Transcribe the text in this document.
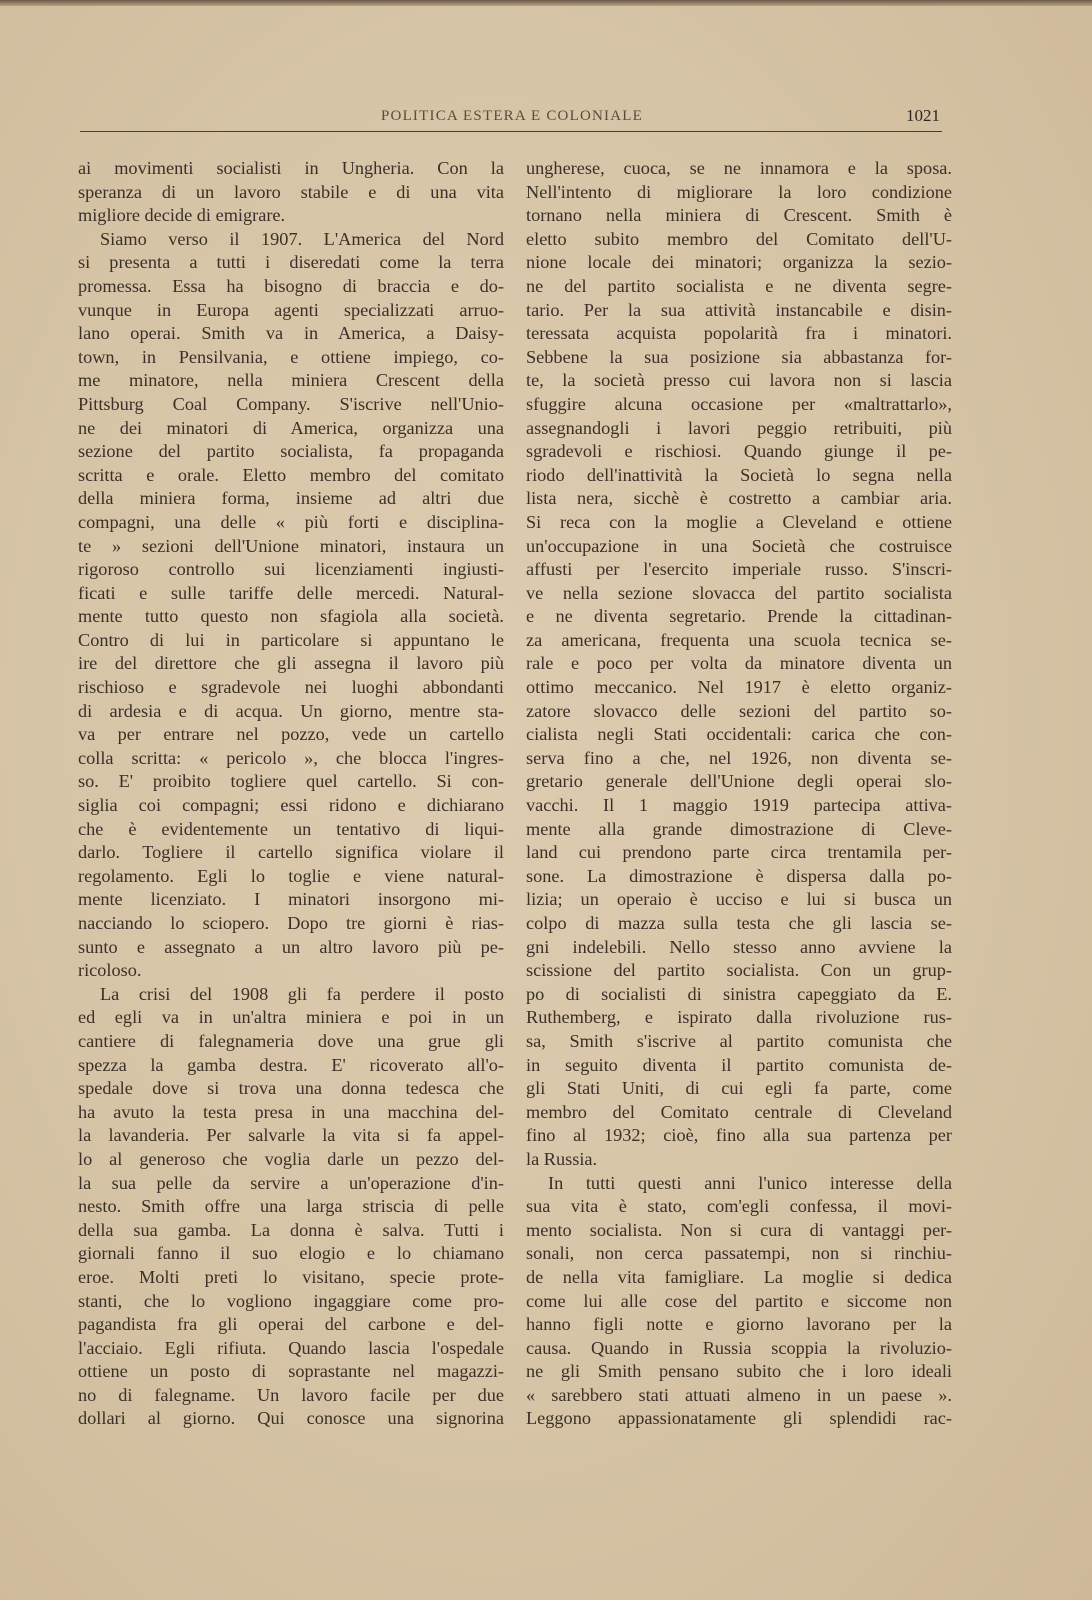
POLITICA ESTERA E COLONIALE	1021
ai movimenti socialisti in Ungheria. Con la
speranza di un lavoro stabile e di una vita
migliore decide di emigrare.
Siamo verso il 1907. L'America del Nord
si presenta a tutti i diseredati come la terra
promessa. Essa ha bisogno di braccia e do-
vunque in Europa agenti specializzati arruo-
lano operai. Smith va in America, a Daisy-
town, in Pensilvania, e ottiene impiego, co-
me minatore, nella miniera Crescent della
Pittsburg Coal Company. S'iscrive nell'Unio-
ne dei minatori di America, organizza una
sezione del partito socialista, fa propaganda
scritta e orale. Eletto membro del comitato
della miniera forma, insieme ad altri due
compagni, una delle « più forti e disciplina-
te » sezioni dell'Unione minatori, instaura un
rigoroso controllo sui licenziamenti ingiusti-
ficati e sulle tariffe delle mercedi. Natural-
mente tutto questo non sfagiola alla società.
Contro di lui in particolare si appuntano le
ire del direttore che gli assegna il lavoro più
rischioso e sgradevole nei luoghi abbondanti
di ardesia e di acqua. Un giorno, mentre sta-
va per entrare nel pozzo, vede un cartello
colla scritta: « pericolo », che blocca l'ingres-
so. E' proibito togliere quel cartello. Si con-
siglia coi compagni; essi ridono e dichiarano
che è evidentemente un tentativo di liqui-
darlo. Togliere il cartello significa violare il
regolamento. Egli lo toglie e viene natural-
mente licenziato. I minatori insorgono mi-
nacciando lo sciopero. Dopo tre giorni è rias-
sunto e assegnato a un altro lavoro più pe-
ricoloso.
La crisi del 1908 gli fa perdere il posto
ed egli va in un'altra miniera e poi in un
cantiere di falegnameria dove una grue gli
spezza la gamba destra. E' ricoverato all'o-
spedale dove si trova una donna tedesca che
ha avuto la testa presa in una macchina del-
la lavanderia. Per salvarle la vita si fa appel-
lo al generoso che voglia darle un pezzo del-
la sua pelle da servire a un'operazione d'in-
nesto. Smith offre una larga striscia di pelle
della sua gamba. La donna è salva. Tutti i
giornali fanno il suo elogio e lo chiamano
eroe. Molti preti lo visitano, specie prote-
stanti, che lo vogliono ingaggiare come pro-
pagandista fra gli operai del carbone e del-
l'acciaio. Egli rifiuta. Quando lascia l'ospedale
ottiene un posto di soprastante nel magazzi-
no di falegname. Un lavoro facile per due
dollari al giorno. Qui conosce una signorina
ungherese, cuoca, se ne innamora e la sposa.
Nell'intento di migliorare la loro condizione
tornano nella miniera di Crescent. Smith è
eletto subito membro del Comitato dell'U-
nione locale dei minatori; organizza la sezio-
ne del partito socialista e ne diventa segre-
tario. Per la sua attività instancabile e disin-
teressata acquista popolarità fra i minatori.
Sebbene la sua posizione sia abbastanza for-
te, la società presso cui lavora non si lascia
sfuggire alcuna occasione per «maltrattarlo»,
assegnandogli i lavori peggio retribuiti, più
sgradevoli e rischiosi. Quando giunge il pe-
riodo dell'inattività la Società lo segna nella
lista nera, sicchè è costretto a cambiar aria.
Si reca con la moglie a Cleveland e ottiene
un'occupazione in una Società che costruisce
affusti per l'esercito imperiale russo. S'inscri-
ve nella sezione slovacca del partito socialista
e ne diventa segretario. Prende la cittadinan-
za americana, frequenta una scuola tecnica se-
rale e poco per volta da minatore diventa un
ottimo meccanico. Nel 1917 è eletto organiz-
zatore slovacco delle sezioni del partito so-
cialista negli Stati occidentali: carica che con-
serva fino a che, nel 1926, non diventa se-
gretario generale dell'Unione degli operai slo-
vacchi. Il 1 maggio 1919 partecipa attiva-
mente alla grande dimostrazione di Cleve-
land cui prendono parte circa trentamila per-
sone. La dimostrazione è dispersa dalla po-
lizia; un operaio è ucciso e lui si busca un
colpo di mazza sulla testa che gli lascia se-
gni indelebili. Nello stesso anno avviene la
scissione del partito socialista. Con un grup-
po di socialisti di sinistra capeggiato da E.
Ruthemberg, e ispirato dalla rivoluzione rus-
sa, Smith s'iscrive al partito comunista che
in seguito diventa il partito comunista de-
gli Stati Uniti, di cui egli fa parte, come
membro del Comitato centrale di Cleveland
fino al 1932; cioè, fino alla sua partenza per
la Russia.
In tutti questi anni l'unico interesse della
sua vita è stato, com'egli confessa, il movi-
mento socialista. Non si cura di vantaggi per-
sonali, non cerca passatempi, non si rinchiu-
de nella vita famigliare. La moglie si dedica
come lui alle cose del partito e siccome non
hanno figli notte e giorno lavorano per la
causa. Quando in Russia scoppia la rivoluzio-
ne gli Smith pensano subito che i loro ideali
« sarebbero stati attuati almeno in un paese ».
Leggono appassionatamente gli splendidi rac-
